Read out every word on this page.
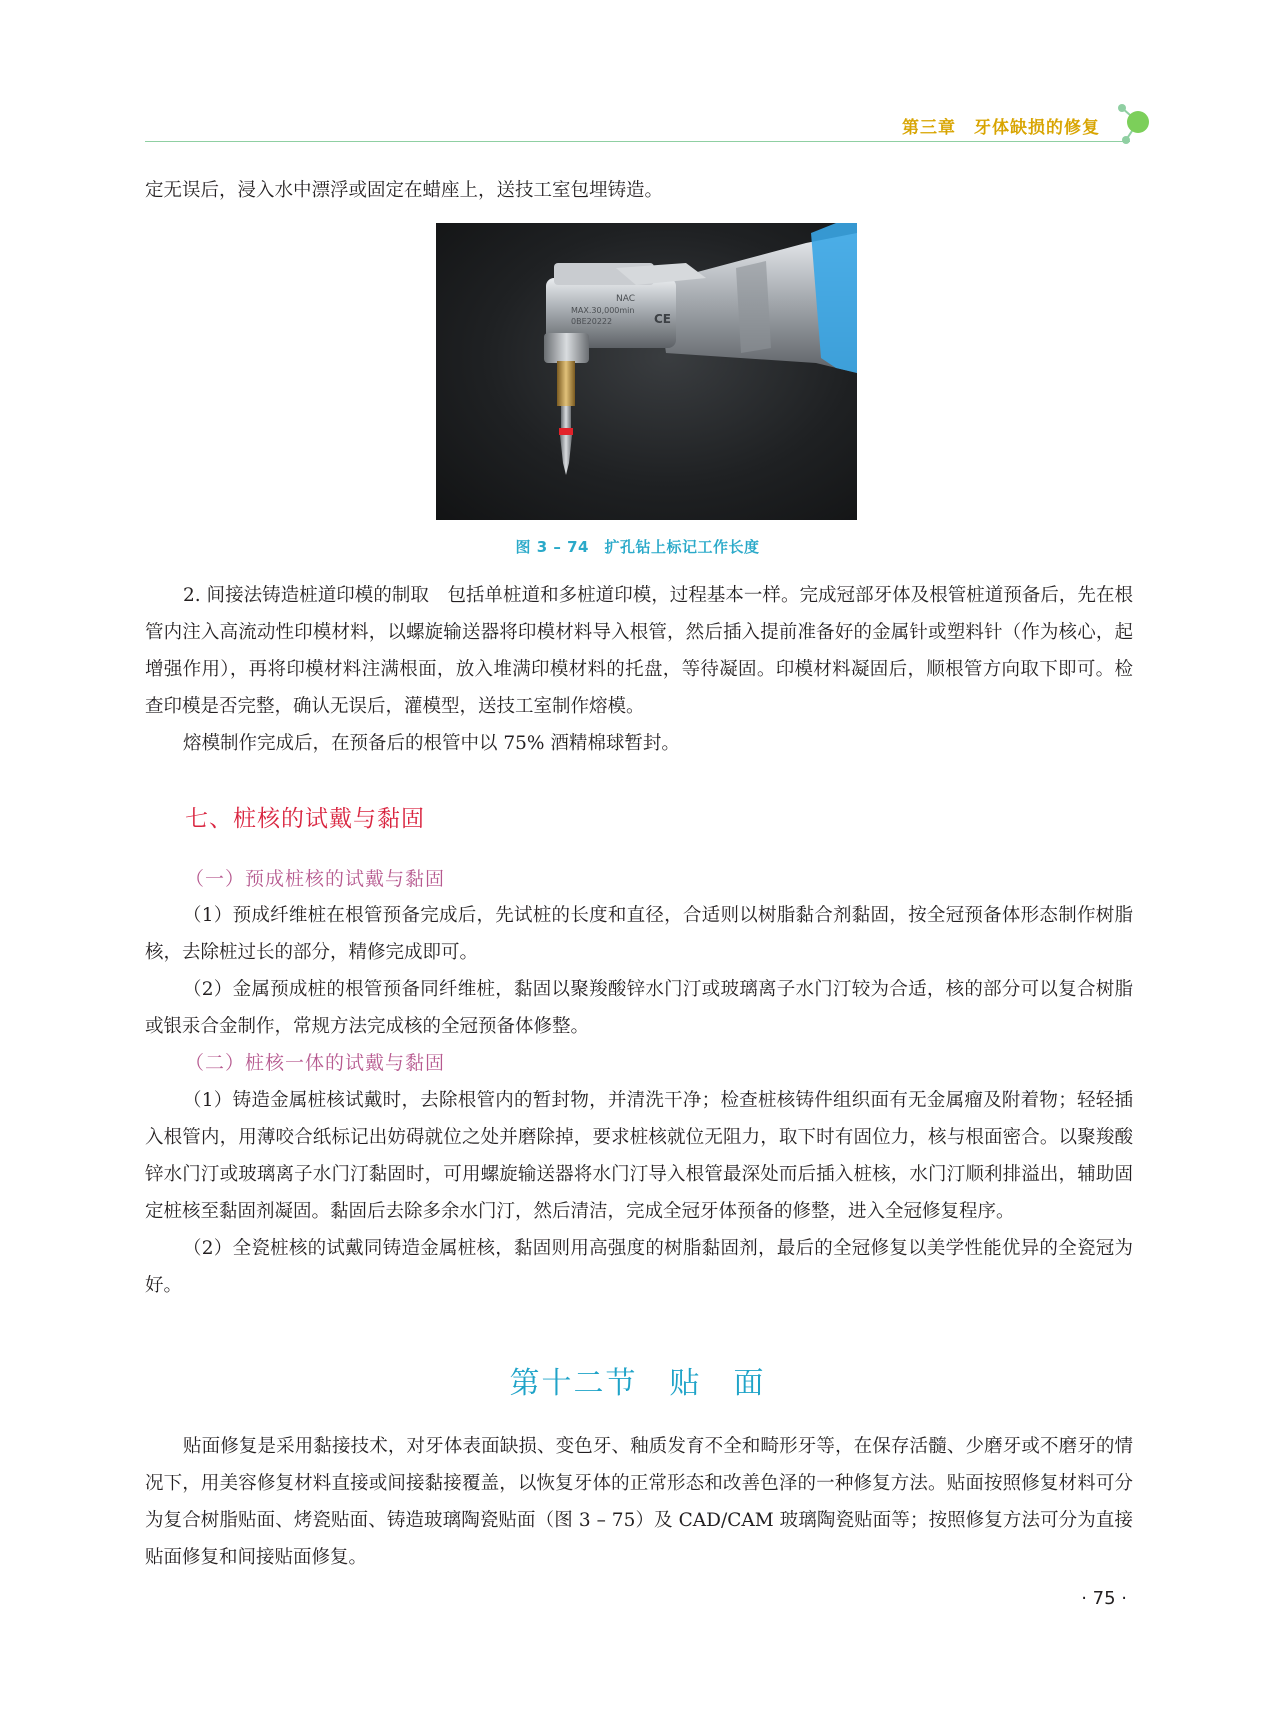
第三章　牙体缺损的修复

定无误后，浸入水中漂浮或固定在蜡座上，送技工室包埋铸造。

NAC
MAX.30,000min
0BE20222	CE
图 3 – 74　扩孔钻上标记工作长度

2. 间接法铸造桩道印模的制取　包括单桩道和多桩道印模，过程基本一样。完成冠部牙体及根管桩道预备后，先在根管内注入高流动性印模材料，以螺旋输送器将印模材料导入根管，然后插入提前准备好的金属针或塑料针（作为核心，起增强作用），再将印模材料注满根面，放入堆满印模材料的托盘，等待凝固。印模材料凝固后，顺根管方向取下即可。检查印模是否完整，确认无误后，灌模型，送技工室制作熔模。

熔模制作完成后，在预备后的根管中以 75% 酒精棉球暂封。

七、桩核的试戴与黏固
（一）预成桩核的试戴与黏固

（1）预成纤维桩在根管预备完成后，先试桩的长度和直径，合适则以树脂黏合剂黏固，按全冠预备体形态制作树脂核，去除桩过长的部分，精修完成即可。

（2）金属预成桩的根管预备同纤维桩，黏固以聚羧酸锌水门汀或玻璃离子水门汀较为合适，核的部分可以复合树脂或银汞合金制作，常规方法完成核的全冠预备体修整。

（二）桩核一体的试戴与黏固

（1）铸造金属桩核试戴时，去除根管内的暂封物，并清洗干净；检查桩核铸件组织面有无金属瘤及附着物；轻轻插入根管内，用薄咬合纸标记出妨碍就位之处并磨除掉，要求桩核就位无阻力，取下时有固位力，核与根面密合。以聚羧酸锌水门汀或玻璃离子水门汀黏固时，可用螺旋输送器将水门汀导入根管最深处而后插入桩核，水门汀顺利排溢出，辅助固定桩核至黏固剂凝固。黏固后去除多余水门汀，然后清洁，完成全冠牙体预备的修整，进入全冠修复程序。

（2）全瓷桩核的试戴同铸造金属桩核，黏固则用高强度的树脂黏固剂，最后的全冠修复以美学性能优异的全瓷冠为好。

第十二节　贴　面

贴面修复是采用黏接技术，对牙体表面缺损、变色牙、釉质发育不全和畸形牙等，在保存活髓、少磨牙或不磨牙的情况下，用美容修复材料直接或间接黏接覆盖，以恢复牙体的正常形态和改善色泽的一种修复方法。贴面按照修复材料可分为复合树脂贴面、烤瓷贴面、铸造玻璃陶瓷贴面（图 3 – 75）及 CAD/CAM 玻璃陶瓷贴面等；按照修复方法可分为直接贴面修复和间接贴面修复。

· 75 ·
